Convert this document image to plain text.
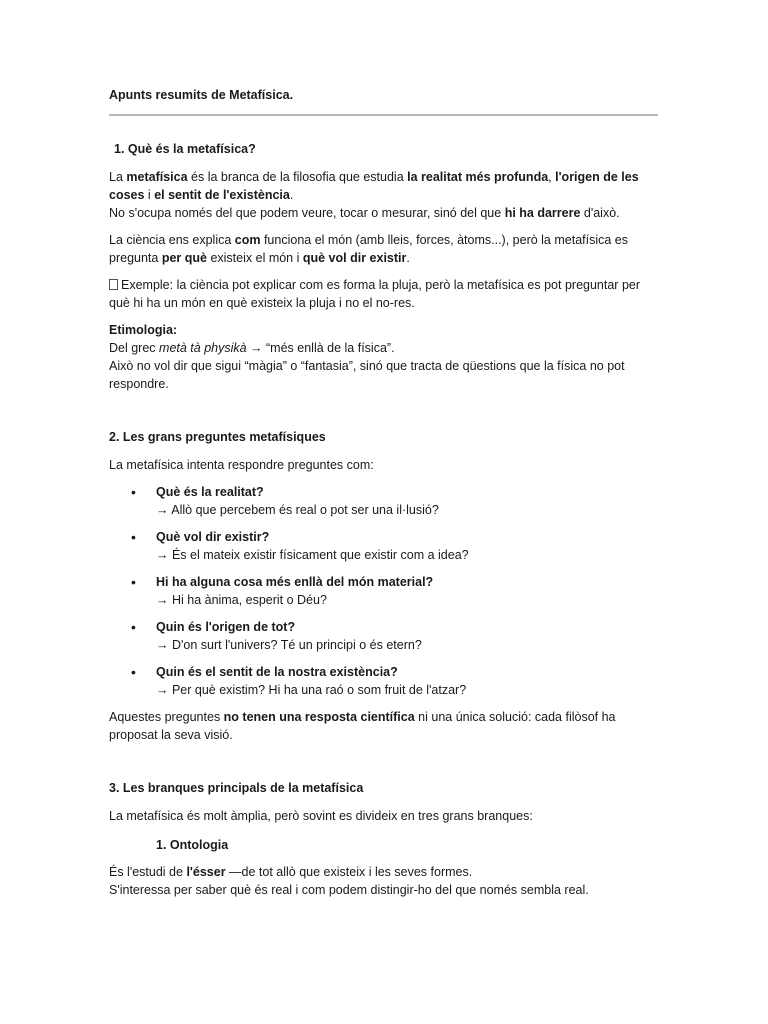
Apunts resumits de Metafísica.

1. Què és la metafísica?

La metafísica és la branca de la filosofia que estudia la realitat més profunda, l'origen de les coses i el sentit de l'existència.
No s'ocupa només del que podem veure, tocar o mesurar, sinó del que hi ha darrere d'això.

La ciència ens explica com funciona el món (amb lleis, forces, àtoms...), però la metafísica es pregunta per què existeix el món i què vol dir existir.

Exemple: la ciència pot explicar com es forma la pluja, però la metafísica es pot preguntar per què hi ha un món en què existeix la pluja i no el no-res.

Etimologia:
Del grec metà tà physikà → “més enllà de la física”.
Això no vol dir que sigui “màgia” o “fantasia”, sinó que tracta de qüestions que la física no pot respondre.

2. Les grans preguntes metafísiques

La metafísica intenta respondre preguntes com:

• Què és la realitat?
→ Allò que percebem és real o pot ser una il·lusió?
• Què vol dir existir?
→ És el mateix existir físicament que existir com a idea?
• Hi ha alguna cosa més enllà del món material?
→ Hi ha ànima, esperit o Déu?
• Quin és l'origen de tot?
→ D'on surt l'univers? Té un principi o és etern?
• Quin és el sentit de la nostra existència?
→ Per què existim? Hi ha una raó o som fruit de l'atzar?

Aquestes preguntes no tenen una resposta científica ni una única solució: cada filòsof ha proposat la seva visió.

3. Les branques principals de la metafísica

La metafísica és molt àmplia, però sovint es divideix en tres grans branques:

1. Ontologia

És l'estudi de l'ésser —de tot allò que existeix i les seves formes.
S'interessa per saber què és real i com podem distingir-ho del que només sembla real.
